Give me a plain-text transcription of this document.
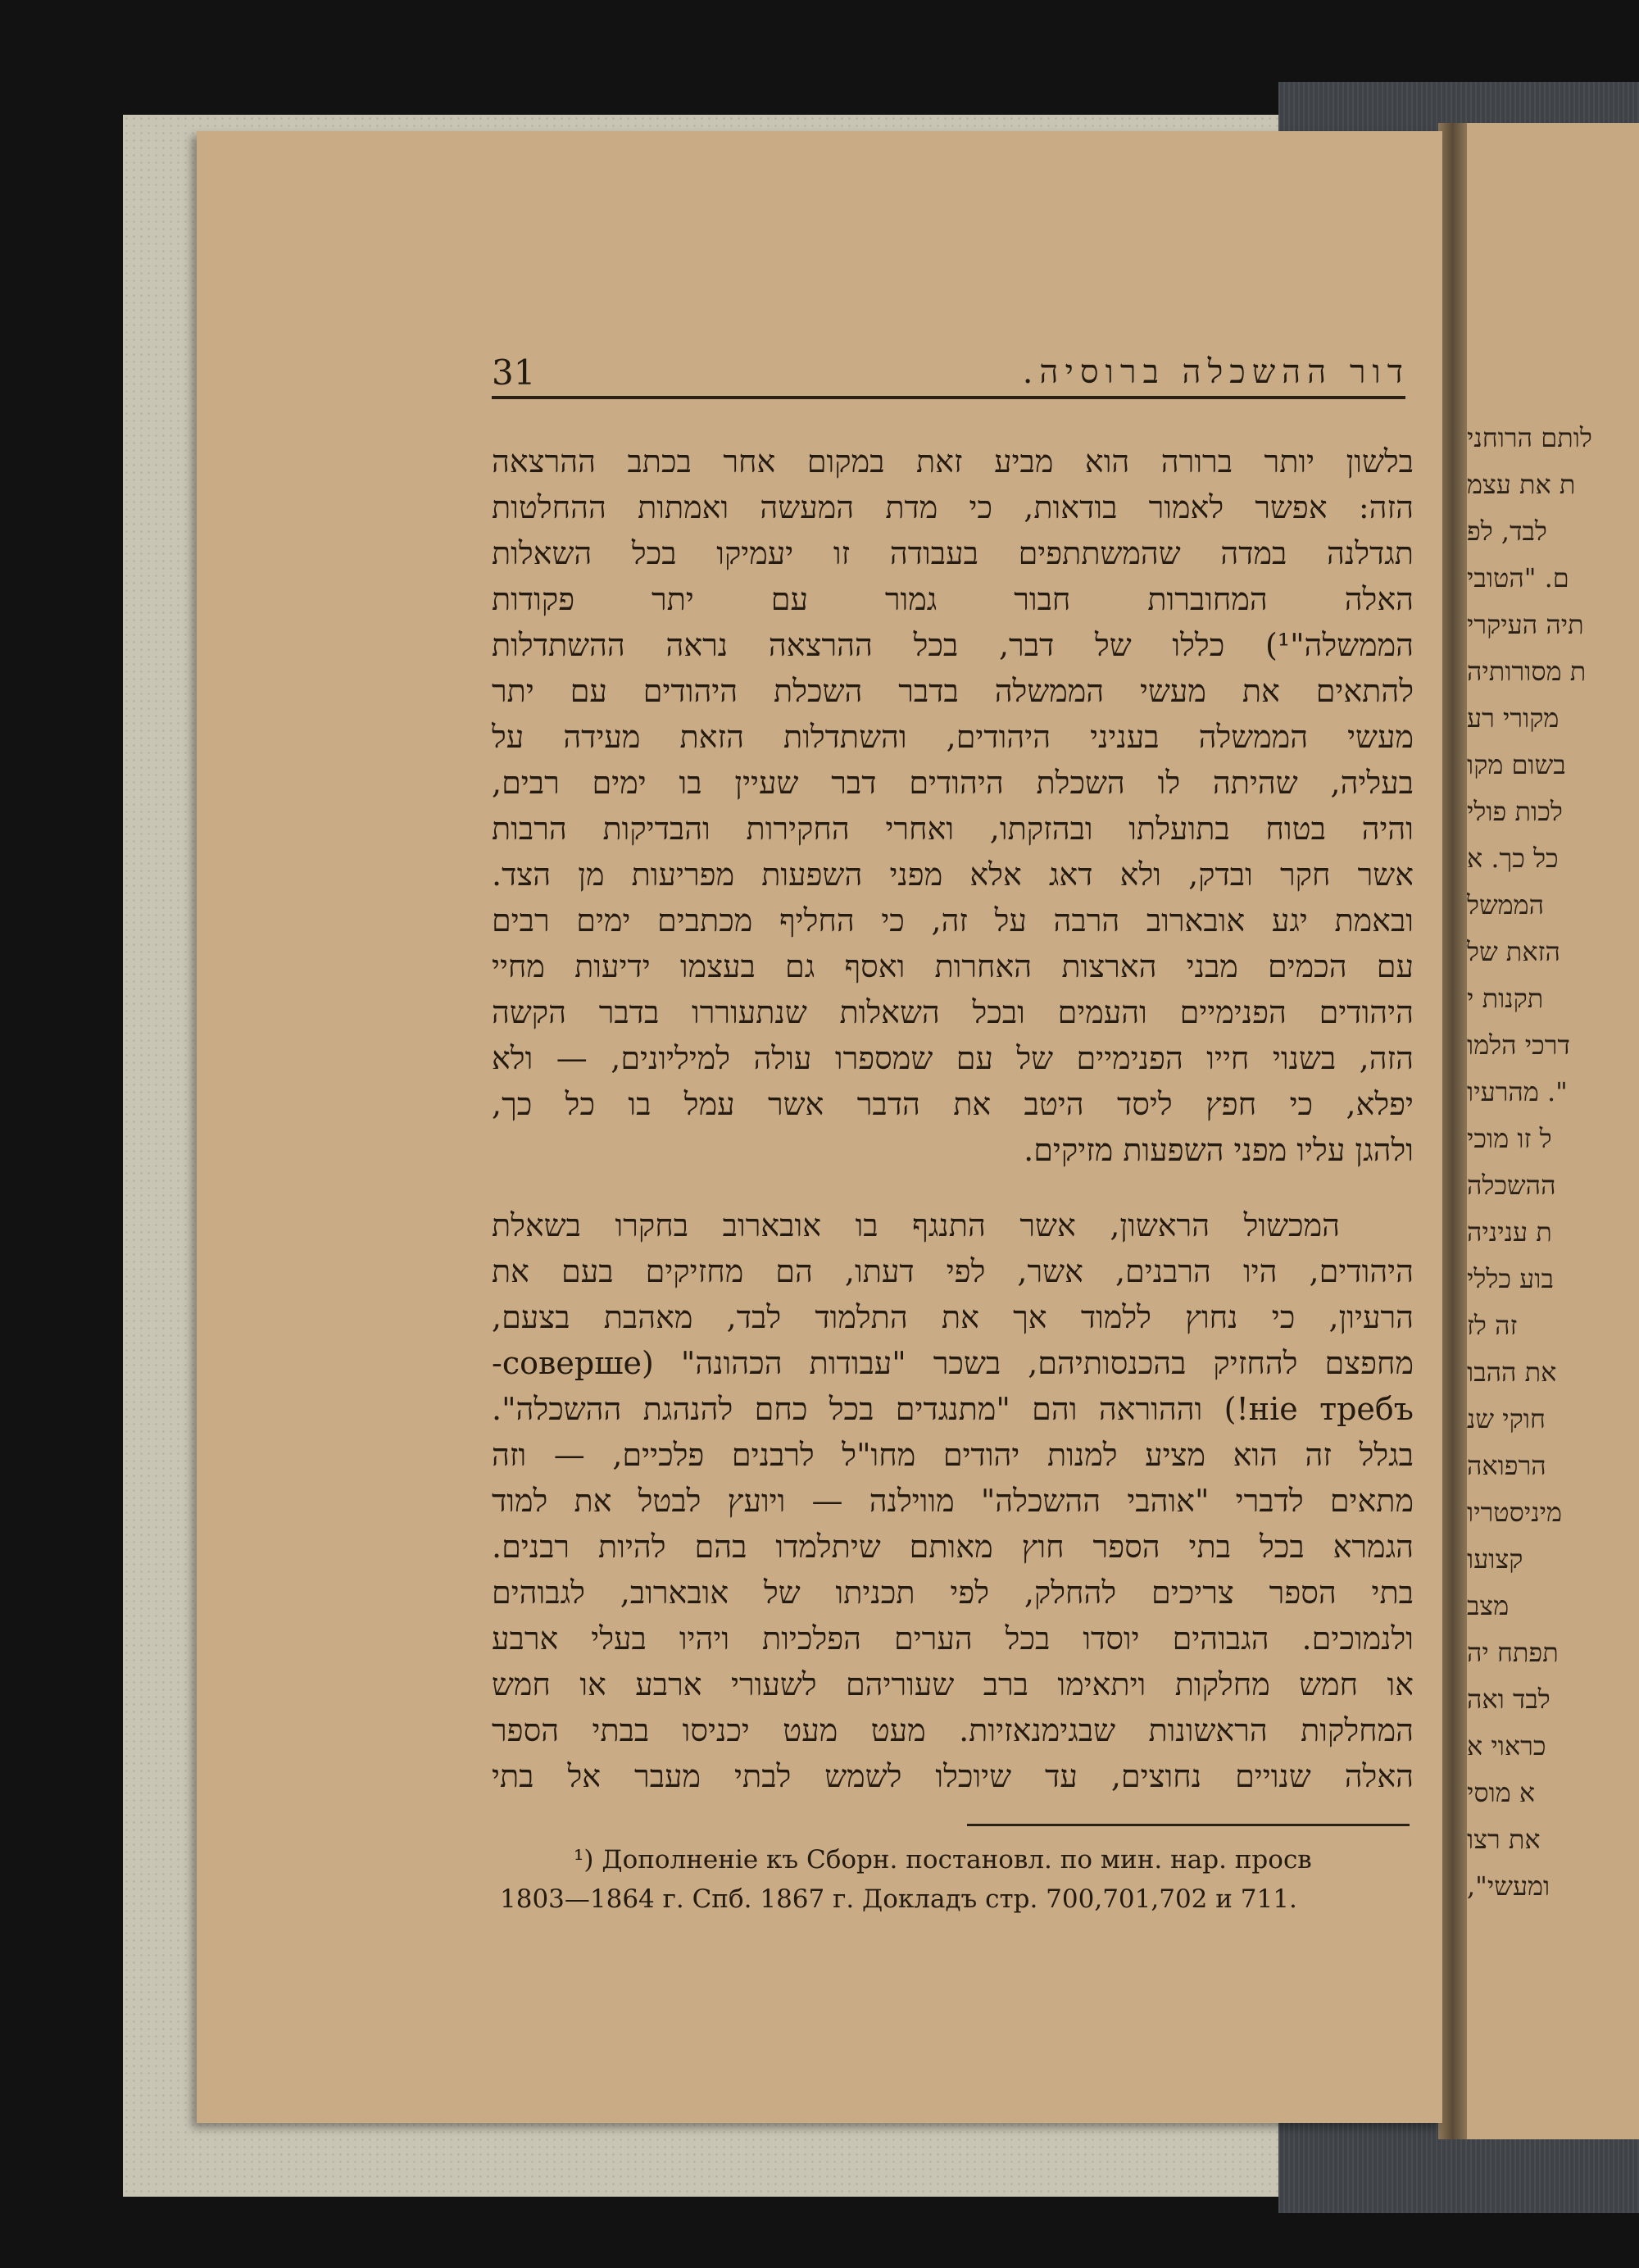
לותם הרוחני
ת את עצמ
לבד, לפ
ם. "הטובי
תיה העיקרי
ת מסורותיה
מקורי רע
בשום מקו
לכות פולי
כל כך. א
הממשל
הזאת של
תקנות י
דרכי הלמו
". מהרעיו
ל זו מוכי
ההשכלה
ת עניניה
בוע כללי
זה לז
את ההבו
חוקי שנ
הרפואה
מיניסטריו
קצועו
מצב
תפתח יה
לבד ואה
כראוי א
א מוסי
את רצו
ומעשי",
31	דור ההשכלה ברוסיה.
בלשון יותר ברורה הוא מביע זאת במקום אחר בכתב ההרצאה
הזה: אפשר לאמור בודאות, כי מדת המעשה ואמתות ההחלטות
תגדלנה במדה שהמשתתפים בעבודה זו יעמיקו בכל השאלות
האלה המחוברות חבור גמור עם יתר פקודות
הממשלה"¹) כללו של דבר, בכל ההרצאה נראה ההשתדלות
להתאים את מעשי הממשלה בדבר השכלת היהודים עם יתר
מעשי הממשלה בעניני היהודים, והשתדלות הזאת מעידה על
בעליה, שהיתה לו השכלת היהודים דבר שעיין בו ימים רבים,
והיה בטוח בתועלתו ובהזקתו, ואחרי החקירות והבדיקות הרבות
אשר חקר ובדק, ולא דאג אלא מפני השפעות מפריעות מן הצד.
ובאמת יגע אובארוב הרבה על זה, כי החליף מכתבים ימים רבים
עם הכמים מבני הארצות האחרות ואסף גם בעצמו ידיעות מחיי
היהודים הפנימיים והעמים ובכל השאלות שנתעוררו בדבר הקשה
הזה, בשנוי חייו הפנימיים של עם שמספרו עולה למיליונים, — ולא
יפלא, כי חפץ ליסד היטב את הדבר אשר עמל בו כל כך,
ולהגן עליו מפני השפעות מזיקים.
המכשול הראשון, אשר התנגף בו אובארוב בחקרו בשאלת
היהודים, היו הרבנים, אשר, לפי דעתו, הם מחזיקים בעם את
הרעיון, כי נחוץ ללמוד אך את התלמוד לבד, מאהבת בצעם,
מחפצם להחזיק בהכנסותיהם, בשכר "עבודות הכהונה" (соверше-
ніе требъ!) וההוראה והם "מתנגדים בכל כחם להנהגת ההשכלה".
בגלל זה הוא מציע למנות יהודים מחו"ל לרבנים פלכיים, — וזה
מתאים לדברי "אוהבי ההשכלה" מווילנה — ויועץ לבטל את למוד
הגמרא בכל בתי הספר חוץ מאותם שיתלמדו בהם להיות רבנים.
בתי הספר צריכים להחלק, לפי תכניתו של אובארוב, לגבוהים
ולנמוכים. הגבוהים יוסדו בכל הערים הפלכיות ויהיו בעלי ארבע
או חמש מחלקות ויתאימו ברב שעוריהם לשעורי ארבע או חמש
המחלקות הראשונות שבגימנאזיות. מעט מעט יכניסו בבתי הספר
האלה שנויים נחוצים, עד שיוכלו לשמש לבתי מעבר אל בתי
¹) Дополненіе къ Сборн. постановл. по мин. нар. просв
1803—1864 г. Спб. 1867 г. Докладъ стр. 700,701,702 и 711.
